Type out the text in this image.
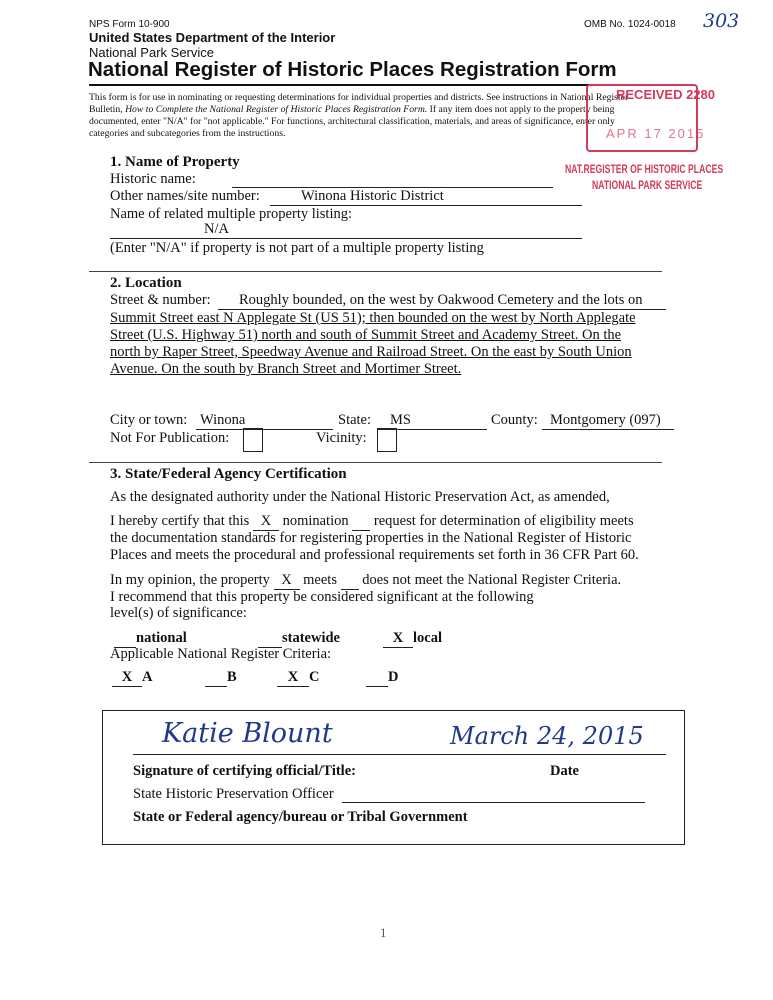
NPS Form 10-900	OMB No. 1024-0018 303
United States Department of the Interior
National Park Service
National Register of Historic Places Registration Form
This form is for use in nominating or requesting determinations for individual properties and districts. See instructions in National Register
Bulletin, How to Complete the National Register of Historic Places Registration Form. If any item does not apply to the property being
documented, enter "N/A" for "not applicable." For functions, architectural classification, materials, and areas of significance, enter only
categories and subcategories from the instructions.
RECEIVED 2280
APR 17 2015
NAT.REGISTER OF HISTORIC PLACES
NATIONAL PARK SERVICE
1. Name of Property
Historic name:
Other names/site number:	Winona Historic District
Name of related multiple property listing:
N/A
(Enter "N/A" if property is not part of a multiple property listing
2. Location
Street & number:	Roughly bounded, on the west by Oakwood Cemetery and the lots on
Summit Street east N Applegate St (US 51); then bounded on the west by North Applegate
Street (U.S. Highway 51) north and south of Summit Street and Academy Street. On the
north by Raper Street, Speedway Avenue and Railroad Street. On the east by South Union
Avenue. On the south by Branch Street and Mortimer Street.
City or town: Winona	State:	MS	County: Montgomery (097)
Not For Publication:	Vicinity:
3. State/Federal Agency Certification
As the designated authority under the National Historic Preservation Act, as amended,
I hereby certify that this X nomination request for determination of eligibility meets
the documentation standards for registering properties in the National Register of Historic
Places and meets the procedural and professional requirements set forth in 36 CFR Part 60.
In my opinion, the property X meets does not meet the National Register Criteria.
I recommend that this property be considered significant at the following
level(s) of significance:
national	statewide	X local
Applicable National Register Criteria:
X A	B	X C	D
Katie Blount	March 24, 2015
Signature of certifying official/Title:	Date
State Historic Preservation Officer
State or Federal agency/bureau or Tribal Government
1
